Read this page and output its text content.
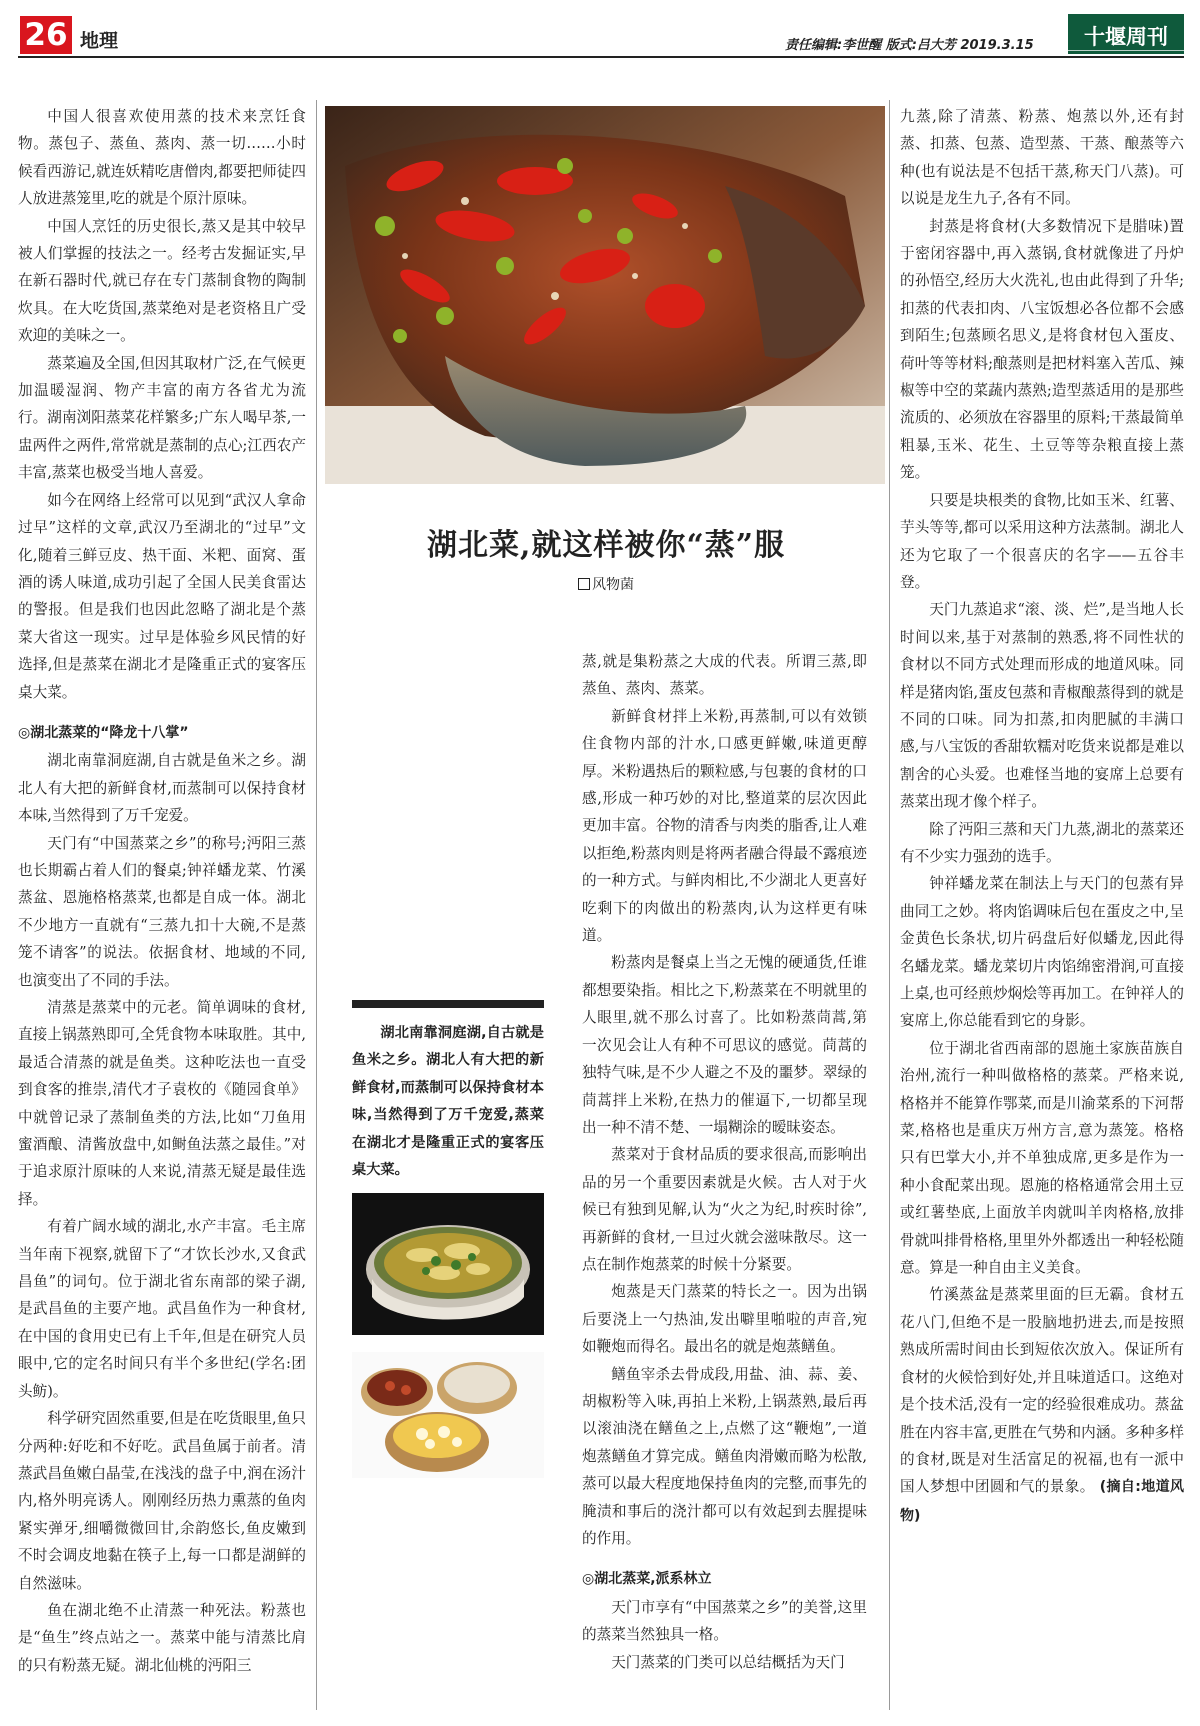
26 地理	责任编辑:李世醒 版式:吕大芳 2019.3.15	十堰周刊

中国人很喜欢使用蒸的技术来烹饪食物。蒸包子、蒸鱼、蒸肉、蒸一切……小时候看西游记,就连妖精吃唐僧肉,都要把师徒四人放进蒸笼里,吃的就是个原汁原味。

中国人烹饪的历史很长,蒸又是其中较早被人们掌握的技法之一。经考古发掘证实,早在新石器时代,就已存在专门蒸制食物的陶制炊具。在大吃货国,蒸菜绝对是老资格且广受欢迎的美味之一。

蒸菜遍及全国,但因其取材广泛,在气候更加温暖湿润、物产丰富的南方各省尤为流行。湖南浏阳蒸菜花样繁多;广东人喝早茶,一盅两件之两件,常常就是蒸制的点心;江西农产丰富,蒸菜也极受当地人喜爱。

如今在网络上经常可以见到“武汉人拿命过早”这样的文章,武汉乃至湖北的“过早”文化,随着三鲜豆皮、热干面、米粑、面窝、蛋酒的诱人味道,成功引起了全国人民美食雷达的警报。但是我们也因此忽略了湖北是个蒸菜大省这一现实。过早是体验乡风民情的好选择,但是蒸菜在湖北才是隆重正式的宴客压桌大菜。

◎湖北蒸菜的“降龙十八掌”

湖北南靠洞庭湖,自古就是鱼米之乡。湖北人有大把的新鲜食材,而蒸制可以保持食材本味,当然得到了万千宠爱。

天门有“中国蒸菜之乡”的称号;沔阳三蒸也长期霸占着人们的餐桌;钟祥蟠龙菜、竹溪蒸盆、恩施格格蒸菜,也都是自成一体。湖北不少地方一直就有“三蒸九扣十大碗,不是蒸笼不请客”的说法。依据食材、地域的不同,也演变出了不同的手法。

清蒸是蒸菜中的元老。简单调味的食材,直接上锅蒸熟即可,全凭食物本味取胜。其中,最适合清蒸的就是鱼类。这种吃法也一直受到食客的推崇,清代才子袁枚的《随园食单》中就曾记录了蒸制鱼类的方法,比如“刀鱼用蜜酒酿、清酱放盘中,如鲥鱼法蒸之最佳。”对于追求原汁原味的人来说,清蒸无疑是最佳选择。

有着广阔水域的湖北,水产丰富。毛主席当年南下视察,就留下了“才饮长沙水,又食武昌鱼”的词句。位于湖北省东南部的梁子湖,是武昌鱼的主要产地。武昌鱼作为一种食材,在中国的食用史已有上千年,但是在研究人员眼中,它的定名时间只有半个多世纪(学名:团头鲂)。

科学研究固然重要,但是在吃货眼里,鱼只分两种:好吃和不好吃。武昌鱼属于前者。清蒸武昌鱼嫩白晶莹,在浅浅的盘子中,润在汤汁内,格外明亮诱人。刚刚经历热力熏蒸的鱼肉紧实弹牙,细嚼微微回甘,余韵悠长,鱼皮嫩到不时会调皮地黏在筷子上,每一口都是湖鲜的自然滋味。

鱼在湖北绝不止清蒸一种死法。粉蒸也是“鱼生”终点站之一。蒸菜中能与清蒸比肩的只有粉蒸无疑。湖北仙桃的沔阳三

湖北菜,就这样被你“蒸”服
风物菌
湖北南靠洞庭湖,自古就是鱼米之乡。湖北人有大把的新鲜食材,而蒸制可以保持食材本味,当然得到了万千宠爱,蒸菜在湖北才是隆重正式的宴客压桌大菜。

蒸,就是集粉蒸之大成的代表。所谓三蒸,即蒸鱼、蒸肉、蒸菜。

新鲜食材拌上米粉,再蒸制,可以有效锁住食物内部的汁水,口感更鲜嫩,味道更醇厚。米粉遇热后的颗粒感,与包裹的食材的口感,形成一种巧妙的对比,整道菜的层次因此更加丰富。谷物的清香与肉类的脂香,让人难以拒绝,粉蒸肉则是将两者融合得最不露痕迹的一种方式。与鲜肉相比,不少湖北人更喜好吃剩下的肉做出的粉蒸肉,认为这样更有味道。

粉蒸肉是餐桌上当之无愧的硬通货,任谁都想要染指。相比之下,粉蒸菜在不明就里的人眼里,就不那么讨喜了。比如粉蒸茼蒿,第一次见会让人有种不可思议的感觉。茼蒿的独特气味,是不少人避之不及的噩梦。翠绿的茼蒿拌上米粉,在热力的催逼下,一切都呈现出一种不清不楚、一塌糊涂的暧昧姿态。

蒸菜对于食材品质的要求很高,而影响出品的另一个重要因素就是火候。古人对于火候已有独到见解,认为“火之为纪,时疾时徐”,再新鲜的食材,一旦过火就会滋味散尽。这一点在制作炮蒸菜的时候十分紧要。

炮蒸是天门蒸菜的特长之一。因为出锅后要浇上一勺热油,发出噼里啪啦的声音,宛如鞭炮而得名。最出名的就是炮蒸鳝鱼。

鳝鱼宰杀去骨成段,用盐、油、蒜、姜、胡椒粉等入味,再拍上米粉,上锅蒸熟,最后再以滚油浇在鳝鱼之上,点燃了这“鞭炮”,一道炮蒸鳝鱼才算完成。鳝鱼肉滑嫩而略为松散,蒸可以最大程度地保持鱼肉的完整,而事先的腌渍和事后的浇汁都可以有效起到去腥提味的作用。

◎湖北蒸菜,派系林立

天门市享有“中国蒸菜之乡”的美誉,这里的蒸菜当然独具一格。

天门蒸菜的门类可以总结概括为天门

九蒸,除了清蒸、粉蒸、炮蒸以外,还有封蒸、扣蒸、包蒸、造型蒸、干蒸、酿蒸等六种(也有说法是不包括干蒸,称天门八蒸)。可以说是龙生九子,各有不同。

封蒸是将食材(大多数情况下是腊味)置于密闭容器中,再入蒸锅,食材就像进了丹炉的孙悟空,经历大火洗礼,也由此得到了升华;扣蒸的代表扣肉、八宝饭想必各位都不会感到陌生;包蒸顾名思义,是将食材包入蛋皮、荷叶等等材料;酿蒸则是把材料塞入苦瓜、辣椒等中空的菜蔬内蒸熟;造型蒸适用的是那些流质的、必须放在容器里的原料;干蒸最简单粗暴,玉米、花生、土豆等等杂粮直接上蒸笼。

只要是块根类的食物,比如玉米、红薯、芋头等等,都可以采用这种方法蒸制。湖北人还为它取了一个很喜庆的名字——五谷丰登。

天门九蒸追求“滚、淡、烂”,是当地人长时间以来,基于对蒸制的熟悉,将不同性状的食材以不同方式处理而形成的地道风味。同样是猪肉馅,蛋皮包蒸和青椒酿蒸得到的就是不同的口味。同为扣蒸,扣肉肥腻的丰满口感,与八宝饭的香甜软糯对吃货来说都是难以割舍的心头爱。也难怪当地的宴席上总要有蒸菜出现才像个样子。

除了沔阳三蒸和天门九蒸,湖北的蒸菜还有不少实力强劲的选手。

钟祥蟠龙菜在制法上与天门的包蒸有异曲同工之妙。将肉馅调味后包在蛋皮之中,呈金黄色长条状,切片码盘后好似蟠龙,因此得名蟠龙菜。蟠龙菜切片肉馅绵密滑润,可直接上桌,也可经煎炒焖烩等再加工。在钟祥人的宴席上,你总能看到它的身影。

位于湖北省西南部的恩施土家族苗族自治州,流行一种叫做格格的蒸菜。严格来说,格格并不能算作鄂菜,而是川渝菜系的下河帮菜,格格也是重庆万州方言,意为蒸笼。格格只有巴掌大小,并不单独成席,更多是作为一种小食配菜出现。恩施的格格通常会用土豆或红薯垫底,上面放羊肉就叫羊肉格格,放排骨就叫排骨格格,里里外外都透出一种轻松随意。算是一种自由主义美食。

竹溪蒸盆是蒸菜里面的巨无霸。食材五花八门,但绝不是一股脑地扔进去,而是按照熟成所需时间由长到短依次放入。保证所有食材的火候恰到好处,并且味道适口。这绝对是个技术活,没有一定的经验很难成功。蒸盆胜在内容丰富,更胜在气势和内涵。多种多样的食材,既是对生活富足的祝福,也有一派中国人梦想中团圆和气的景象。 (摘自:地道风物)
